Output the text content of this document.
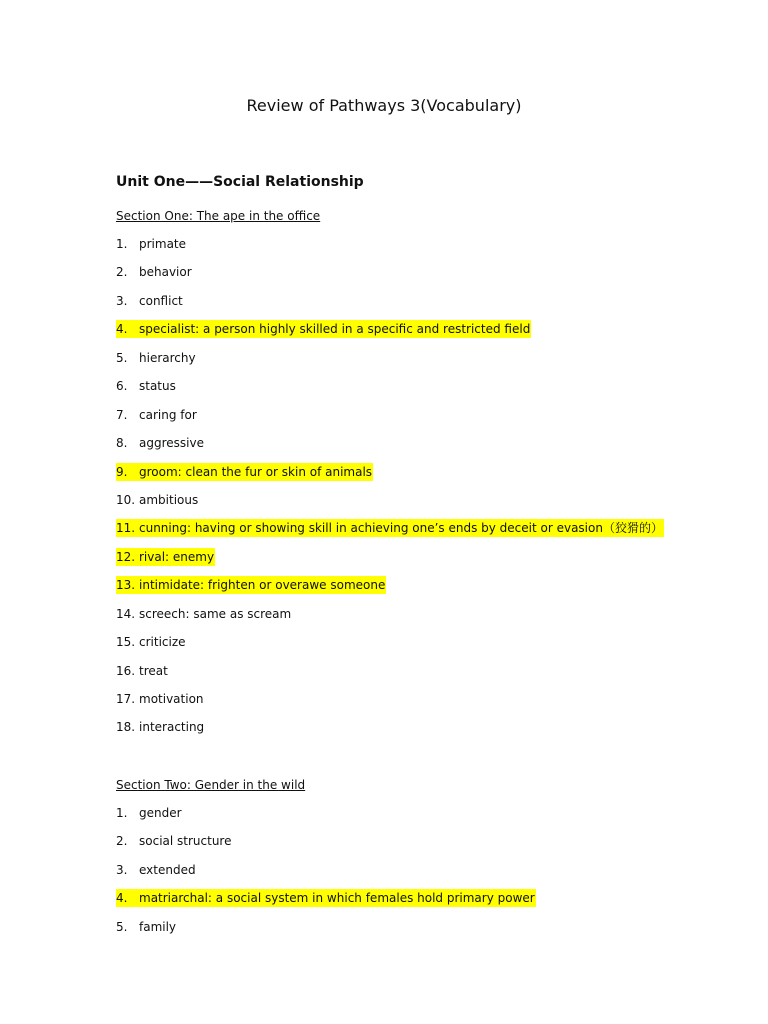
Review of Pathways 3(Vocabulary)
Unit One——Social Relationship
Section One: The ape in the office
1. primate
2. behavior
3. conflict
4. specialist: a person highly skilled in a specific and restricted field
5. hierarchy
6. status
7. caring for
8. aggressive
9. groom: clean the fur or skin of animals
10. ambitious
11. cunning: having or showing skill in achieving one’s ends by deceit or evasion（狡猾的）
12. rival: enemy
13. intimidate: frighten or overawe someone
14. screech: same as scream
15. criticize
16. treat
17. motivation
18. interacting
Section Two: Gender in the wild
1. gender
2. social structure
3. extended
4. matriarchal: a social system in which females hold primary power
5. family
